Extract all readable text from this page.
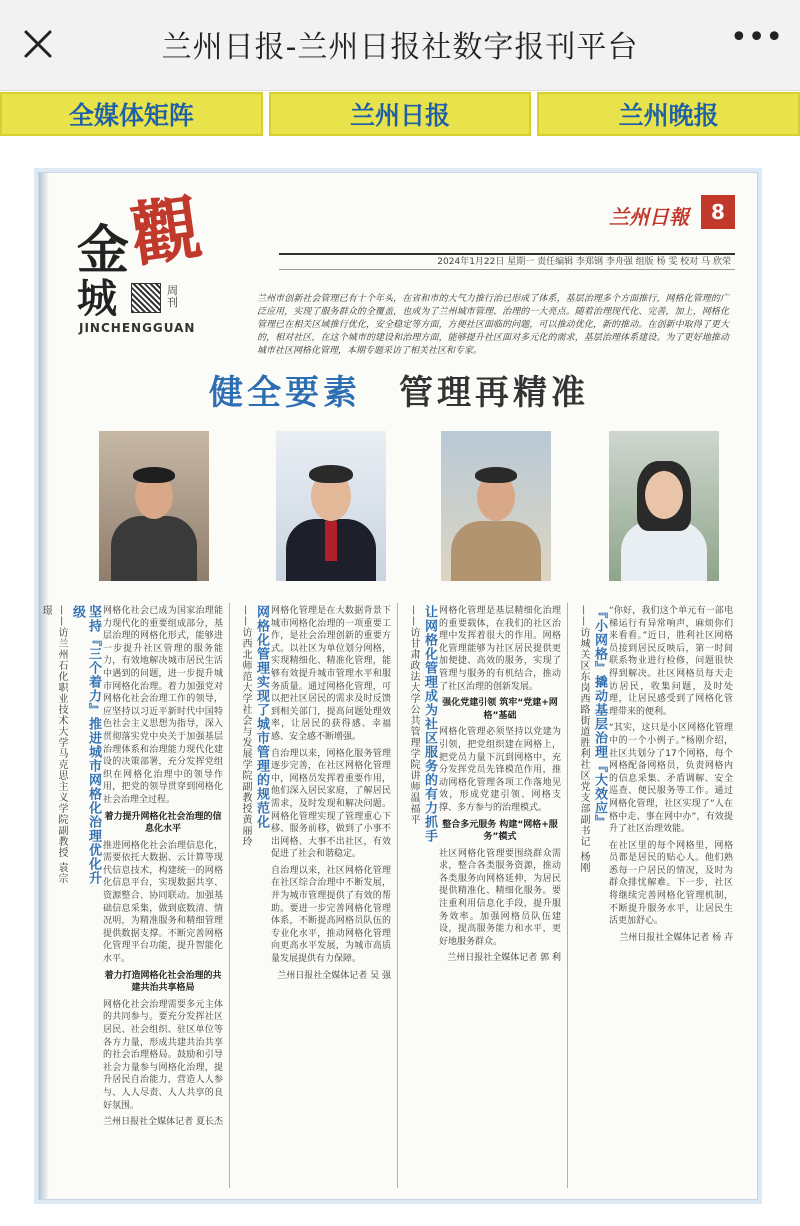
兰州日报-兰州日报社数字报刊平台	•••
全媒体矩阵	兰州日报	兰州晚报
觀
金
城	周刊
JINCHENGGUAN
兰州日報	8
2024年1月22日 星期一 责任编辑 李郑钢 李舟强 组版 杨 雯 校对 马 欣荣
兰州市创新社会管理已有十个年头，在省和市的大气力推行治已形成了体系，基层治理多个方面推行，网格化管理的广泛应用，实现了服务群众的全覆盖，也成为了兰州城市管理、治理的一大亮点。随着治理现代化、完善，加上，网格化管理已在相关区域推行优化，安全稳定等方面，方便社区面临的问题，可以推动优化，新的推动。在创新中取得了更大的，相对社区，在这个城市的建设和治理方面，能够提升社区面对多元化的需求，基层治理体系建设。为了更好地推动城市社区网格化管理，本期专题采访了相关社区和专家。
健全要素 管理再精准
坚持『三个着力』推进城市网格化治理优化升级
——访兰州石化职业技术大学马克思主义学院副教授 袁宗璟	网格化社会已成为国家治理能力现代化的重要组成部分，基层治理的网格化形式，能够进一步提升社区管理的服务能力，有效地解决城市居民生活中遇到的问题，进一步提升城市网格化治理。着力加强党对网格化社会治理工作的领导，应坚持以习近平新时代中国特色社会主义思想为指导，深入贯彻落实党中央关于加强基层治理体系和治理能力现代化建设的决策部署，充分发挥党组织在网格化治理中的领导作用，把党的领导贯穿到网格化社会治理全过程。
着力提升网格化社会治理的信息化水平
推进网格化社会治理信息化，需要依托大数据、云计算等现代信息技术，构建统一的网格化信息平台，实现数据共享、资源整合、协同联动。加强基础信息采集，做到底数清、情况明，为精准服务和精细管理提供数据支撑。不断完善网格化管理平台功能，提升智能化水平。
着力打造网格化社会治理的共建共治共享格局
网格化社会治理需要多元主体的共同参与。要充分发挥社区居民、社会组织、驻区单位等各方力量，形成共建共治共享的社会治理格局。鼓励和引导社会力量参与网格化治理，提升居民自治能力，营造人人参与、人人尽责、人人共享的良好氛围。
兰州日报社全媒体记者 夏长杰
网格化管理实现了城市管理的规范化
——访西北师范大学社会与发展学院副教授黄丽玲	网格化管理是在大数据背景下城市网格化治理的一项重要工作，是社会治理创新的重要方式。以社区为单位划分网格，实现精细化、精准化管理，能够有效提升城市管理水平和服务质量。通过网格化管理，可以把社区居民的需求及时反馈到相关部门，提高问题处理效率，让居民的获得感、幸福感、安全感不断增强。
自治理以来，网格化服务管理逐步完善，在社区网格化管理中，网格员发挥着重要作用，他们深入居民家庭，了解居民需求，及时发现和解决问题。网格化管理实现了管理重心下移、服务前移，做到了小事不出网格、大事不出社区，有效促进了社会和谐稳定。
自治理以来，社区网格化管理在社区综合治理中不断发展，并为城市管理提供了有效的帮助。要进一步完善网格化管理体系，不断提高网格员队伍的专业化水平，推动网格化管理向更高水平发展，为城市高质量发展提供有力保障。
兰州日报社全媒体记者 吴 强
让网格化管理成为社区服务的有力抓手
——访甘肃政法大学公共管理学院讲师温福平	网格化管理是基层精细化治理的重要载体，在我们的社区治理中发挥着很大的作用。网格化管理能够为社区居民提供更加便捷、高效的服务，实现了管理与服务的有机结合，推动了社区治理的创新发展。
强化党建引领 筑牢“党建+网格”基础
网格化管理必须坚持以党建为引领，把党组织建在网格上，把党员力量下沉到网格中，充分发挥党员先锋模范作用，推动网格化管理各项工作落地见效，形成党建引领、网格支撑、多方参与的治理模式。
整合多元服务 构建“网格+服务”模式
社区网格化管理要围绕群众需求，整合各类服务资源，推动各类服务向网格延伸，为居民提供精准化、精细化服务。要注重利用信息化手段，提升服务效率。加强网格员队伍建设，提高服务能力和水平，更好地服务群众。
兰州日报社全媒体记者 郭 利
『小网格』撬动基层治理『大效应』
——访城关区东岗西路街道胜利社区党支部副书记 杨刚	“你好，我们这个单元有一部电梯运行有异常响声，麻烦你们来看看。”近日，胜利社区网格员接到居民反映后，第一时间联系物业进行检修，问题很快得到解决。社区网格员每天走访居民，收集问题，及时处理，让居民感受到了网格化管理带来的便利。
“其实，这只是小区网格化管理中的一个小例子。”杨刚介绍，社区共划分了17个网格，每个网格配备网格员，负责网格内的信息采集、矛盾调解、安全巡查、便民服务等工作。通过网格化管理，社区实现了“人在格中走、事在网中办”，有效提升了社区治理效能。
在社区里的每个网格里，网格员都是居民的贴心人。他们熟悉每一户居民的情况，及时为群众排忧解难。下一步，社区将继续完善网格化管理机制，不断提升服务水平，让居民生活更加舒心。
兰州日报社全媒体记者 杨 卉
